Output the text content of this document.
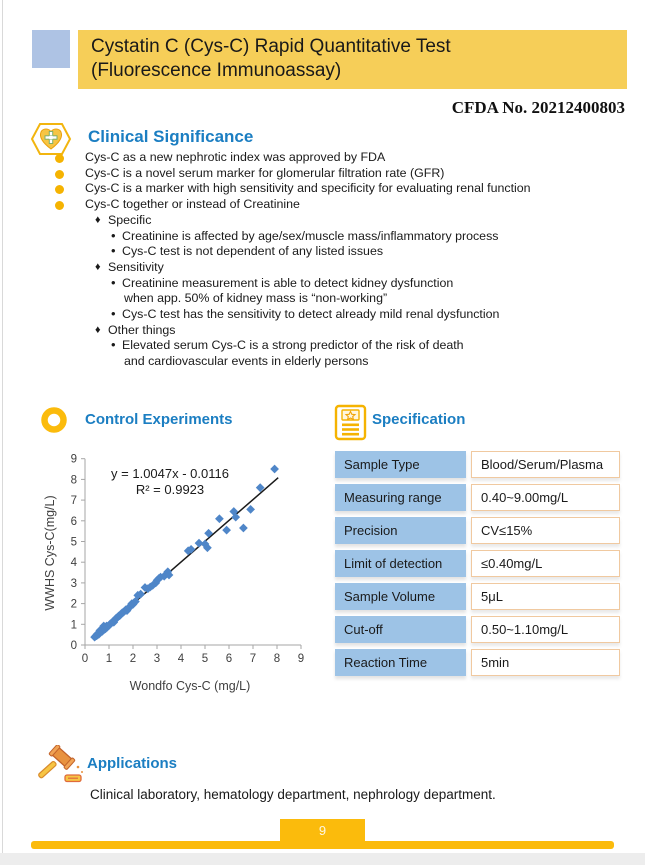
Cystatin C (Cys-C) Rapid Quantitative Test
(Fluorescence Immunoassay)
CFDA No. 20212400803
Clinical Significance
Cys-C as a new nephrotic index was approved by FDA
Cys-C is a novel serum marker for glomerular filtration rate (GFR)
Cys-C is a marker with high sensitivity and specificity for evaluating renal function
Cys-C together or instead of Creatinine
♦ Specific
• Creatinine is affected by age/sex/muscle mass/inflammatory process
• Cys-C test is not dependent of any listed issues
♦ Sensitivity
• Creatinine measurement is able to detect kidney dysfunction
when app. 50% of kidney mass is “non-working”
• Cys-C test has the sensitivity to detect already mild renal dysfunction
♦ Other things
• Elevated serum Cys-C is a strong predictor of the risk of death
and cardiovascular events in elderly persons
Control Experiments
0 1 2 3 4 5 6 7 8 9
0
1
2
3
4
5
6
7
8
9
y = 1.0047x - 0.0116
R² = 0.9923
Wondfo Cys-C (mg/L)
WWHS Cys-C(mg/L)
Specification
Sample Type	Blood/Serum/Plasma
Measuring range	0.40~9.00mg/L
Precision	CV≤15%
Limit of detection	≤0.40mg/L
Sample Volume	5μL
Cut-off	0.50~1.10mg/L
Reaction Time	5min
Applications
Clinical laboratory, hematology department, nephrology department.
9
